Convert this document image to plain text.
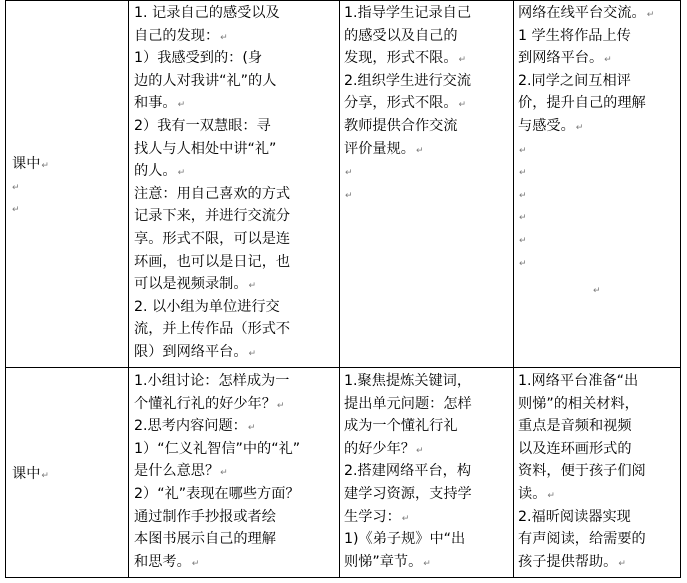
课中↵
↵
↵
1. 记录自己的感受以及
自己的发现：↵
1）我感受到的：(身
边的人对我讲“礼”的人
和事。↵
2）我有一双慧眼：寻
找人与人相处中讲“礼”
的人。↵
注意：用自己喜欢的方式
记录下来，并进行交流分
享。形式不限，可以是连
环画，也可以是日记，也
可以是视频录制。↵
2. 以小组为单位进行交
流，并上传作品（形式不
限）到网络平台。↵
1.指导学生记录自己
的感受以及自己的
发现，形式不限。↵
2.组织学生进行交流
分享，形式不限。↵
教师提供合作交流
评价量规。↵
↵
↵
网络在线平台交流。↵
1 学生将作品上传
到网络平台。↵
2.同学之间互相评
价，提升自己的理解
与感受。↵
↵
↵
↵
↵
↵
↵
↵
课中↵
1.小组讨论：怎样成为一
个懂礼行礼的好少年？↵
2.思考内容问题：↵
1）“仁义礼智信”中的“礼”
是什么意思？↵
2）“礼”表现在哪些方面？
通过制作手抄报或者绘
本图书展示自己的理解
和思考。↵
1.聚焦提炼关键词，
提出单元问题：怎样
成为一个懂礼行礼
的好少年？↵
2.搭建网络平台，构
建学习资源，支持学
生学习：↵
1)《弟子规》中“出
则悌”章节。↵
1.网络平台准备“出
则悌”的相关材料，
重点是音频和视频
以及连环画形式的
资料，便于孩子们阅
读。↵
2.福昕阅读器实现
有声阅读，给需要的
孩子提供帮助。↵
